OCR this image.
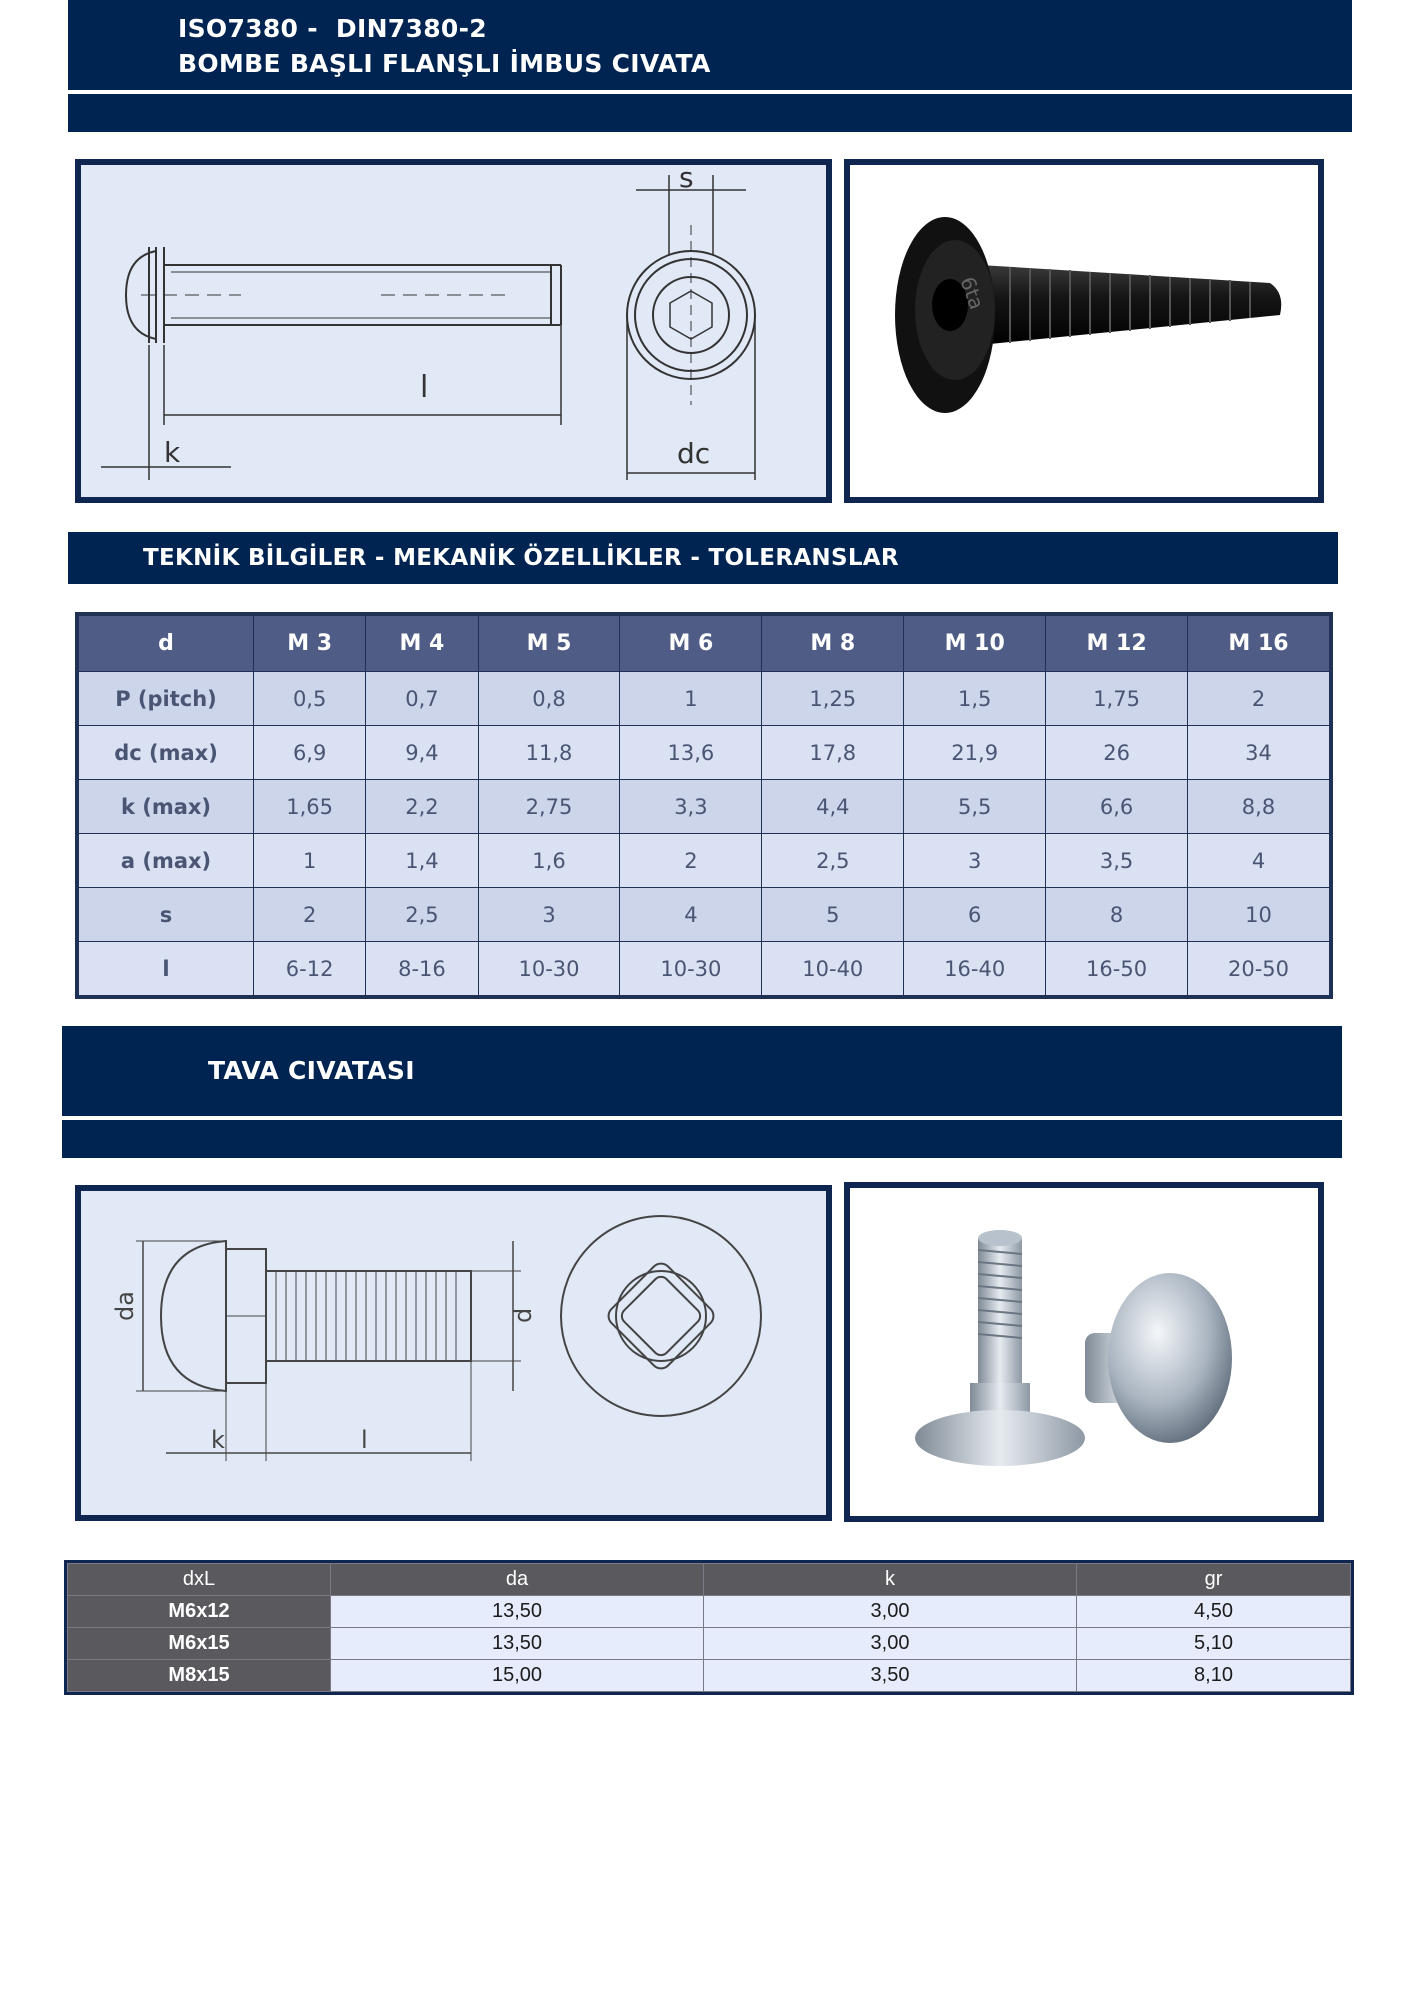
ISO7380 -  DIN7380-2
BOMBE BAŞLI FLANŞLI İMBUS CIVATA
l
k
s
dc
6ta
TEKNİK BİLGİLER - MEKANİK ÖZELLİKLER - TOLERANSLAR
d	M 3	M 4	M 5	M 6	M 8	M 10	M 12	M 16
P (pitch)	0,5	0,7	0,8	1	1,25	1,5	1,75	2
dc (max)	6,9	9,4	11,8	13,6	17,8	21,9	26	34
k (max)	1,65	2,2	2,75	3,3	4,4	5,5	6,6	8,8
a (max)	1	1,4	1,6	2	2,5	3	3,5	4
s	2	2,5	3	4	5	6	8	10
l	6-12	8-16	10-30	10-30	10-40	16-40	16-50	20-50
TAVA CIVATASI
da	d
k	l
dxL	da	k	gr
M6x12	13,50	3,00	4,50
M6x15	13,50	3,00	5,10
M8x15	15,00	3,50	8,10
